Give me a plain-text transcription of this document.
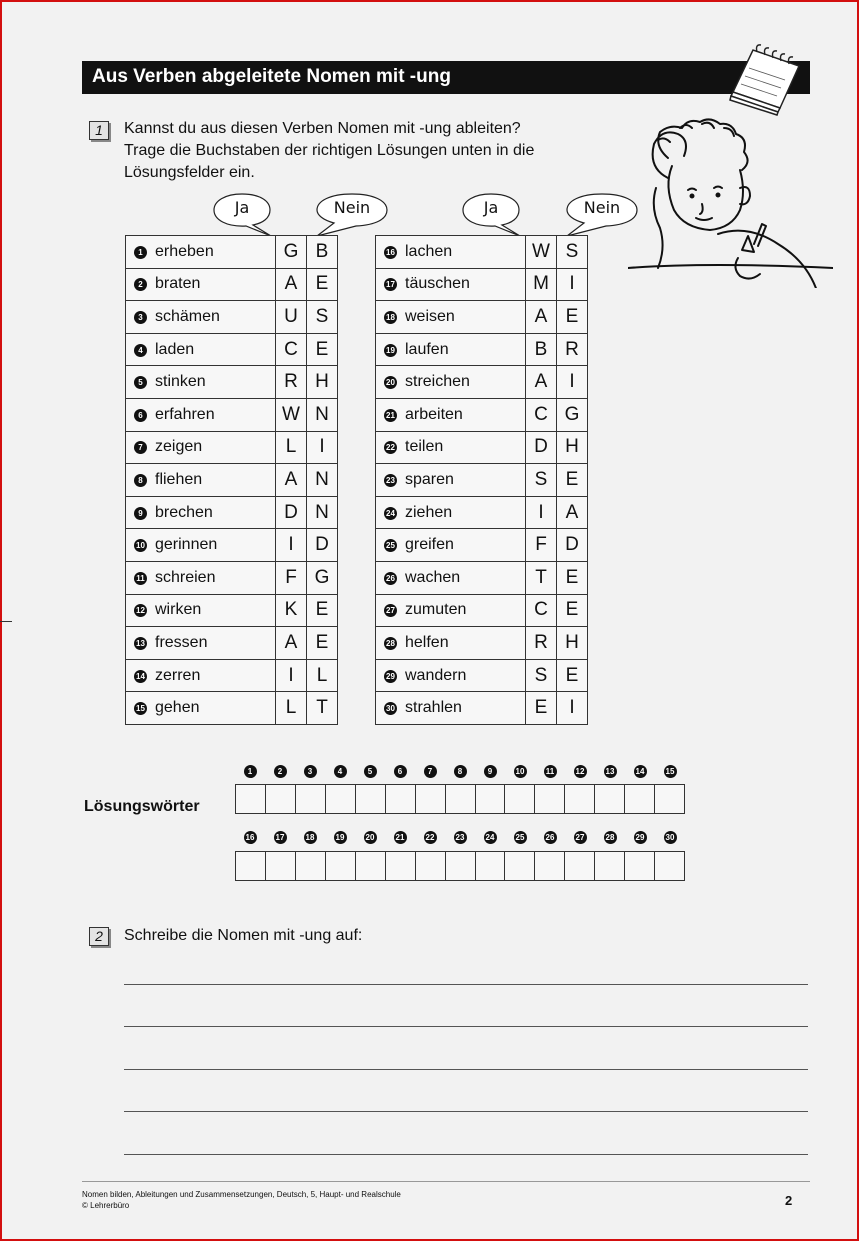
Aus Verben abgeleitete Nomen mit -ung
1	Kannst du aus diesen Verben Nomen mit -ung ableiten?
Trage die Buchstaben der richtigen Lösungen unten in die
Lösungsfelder ein.
Ja	Nein	Ja	Nein
1 erheben	G	B
2 braten	A	E
3 schämen	U	S
4 laden	C	E
5 stinken	R	H
6 erfahren	W	N
7 zeigen	L	I
8 fliehen	A	N
9 brechen	D	N
10 gerinnen	I	D
11 schreien	F	G
12 wirken	K	E
13 fressen	A	E
14 zerren	I	L
15 gehen	L	T
16 lachen	W	S
17 täuschen	M	I
18 weisen	A	E
19 laufen	B	R
20 streichen	A	I
21 arbeiten	C	G
22 teilen	D	H
23 sparen	S	E
24 ziehen	I	A
25 greifen	F	D
26 wachen	T	E
27 zumuten	C	E
28 helfen	R	H
29 wandern	S	E
30 strahlen	E	I
Lösungswörter
1	2	3	4	5	6	7	8	9	10	11	12	13	14	15
16	17	18	19	20	21	22	23	24	25	26	27	28	29	30
2	Schreibe die Nomen mit -ung auf:
Nomen bilden, Ableitungen und Zusammensetzungen, Deutsch, 5, Haupt- und Realschule
© Lehrerbüro	2
